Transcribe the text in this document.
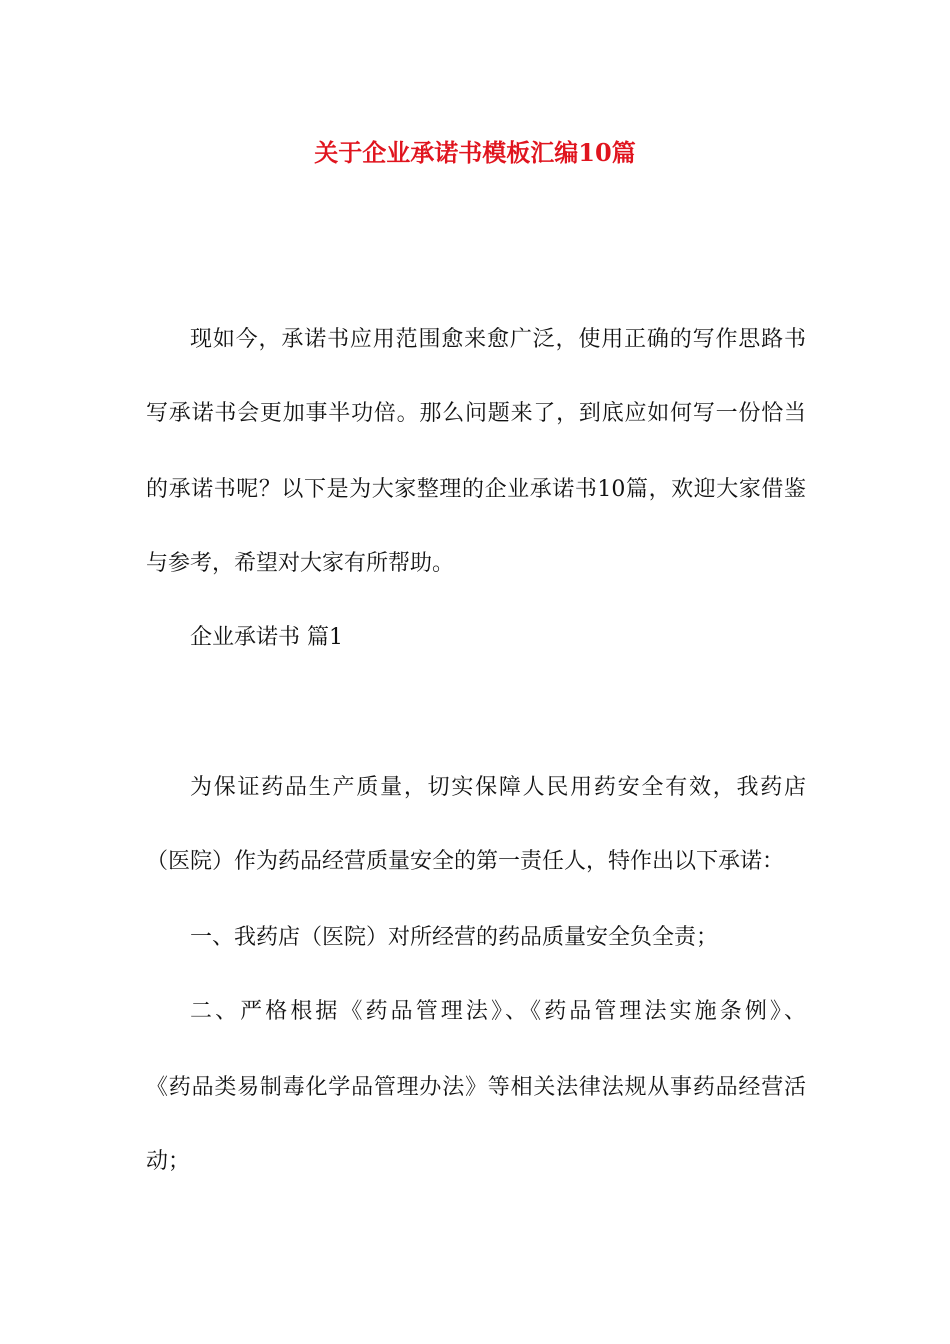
关于企业承诺书模板汇编10篇
现如今，承诺书应用范围愈来愈广泛，使用正确的写作思路书
写承诺书会更加事半功倍。那么问题来了，到底应如何写一份恰当
的承诺书呢？以下是为大家整理的企业承诺书10篇，欢迎大家借鉴
与参考，希望对大家有所帮助。
企业承诺书 篇1
为保证药品生产质量，切实保障人民用药安全有效，我药店
（医院）作为药品经营质量安全的第一责任人，特作出以下承诺：
一、我药店（医院）对所经营的药品质量安全负全责；
二、严格根据《药品管理法》、《药品管理法实施条例》、
《药品类易制毒化学品管理办法》等相关法律法规从事药品经营活
动；
